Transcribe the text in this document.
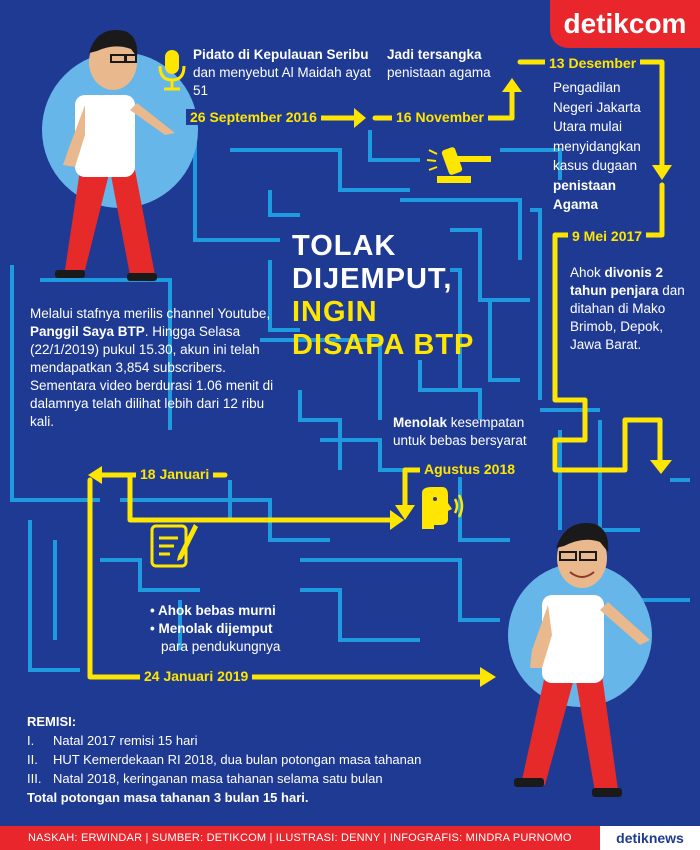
detikcom
TOLAK
DIJEMPUT,
INGIN
DISAPA BTP
Pidato di Kepulauan Seribu dan menyebut Al Maidah ayat 51
26 September 2016
Jadi tersangka
penistaan agama
16 November
13 Desember
Pengadilan Negeri Jakarta Utara mulai menyidangkan kasus dugaan
penistaan Agama
9 Mei 2017
Ahok divonis 2 tahun penjara dan ditahan di Mako Brimob, Depok, Jawa Barat.
Menolak kesempatan untuk bebas bersyarat
Agustus 2018
Melalui stafnya merilis channel Youtube, Panggil Saya BTP. Hingga Selasa (22/1/2019) pukul 15.30, akun ini telah mendapatkan 3,854 subscribers. Sementara video berdurasi 1.06 menit di dalamnya telah dilihat lebih dari 12 ribu kali.
18 Januari
• Ahok bebas murni
• Menolak dijemput
para pendukungnya
24 Januari 2019
REMISI:
I.	Natal 2017 remisi 15 hari
II.	HUT Kemerdekaan RI 2018, dua bulan potongan masa tahanan
III. Natal 2018, keringanan masa tahanan selama satu bulan
Total potongan masa tahanan 3 bulan 15 hari.
NASKAH: ERWINDAR | SUMBER: DETIKCOM | ILUSTRASI: DENNY | INFOGRAFIS: MINDRA PURNOMO	detiknews
